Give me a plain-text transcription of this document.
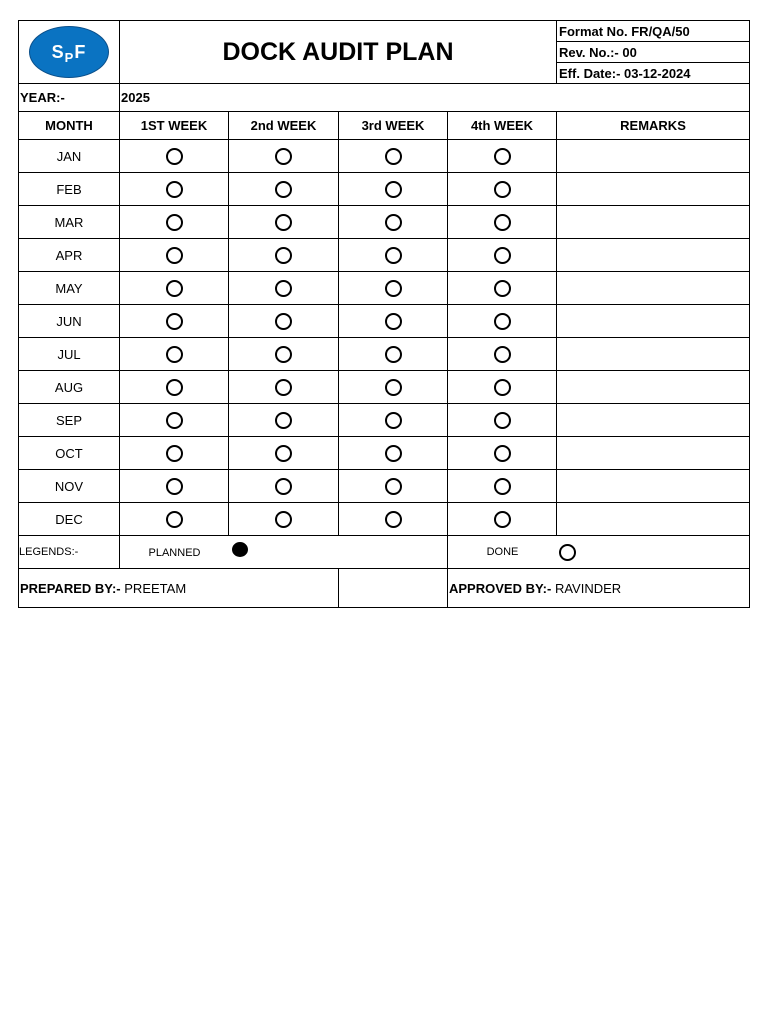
$S_PF$	DOCK AUDIT PLAN				Format No. FR/QA/50
					Rev. No.:- 00
					Eff. Date:- 03-12-2024
YEAR:-	2025				
MONTH	1ST WEEK	2nd WEEK	3rd WEEK	4th WEEK	REMARKS
JAN					
FEB					
MAR					
APR					
MAY					
JUN					
JUL					
AUG					
SEP					
OCT					
NOV					
DEC					
LEGENDS:-	PLANNED			DONE	
PREPARED BY:- PREETAM				APPROVED BY:- RAVINDER	
